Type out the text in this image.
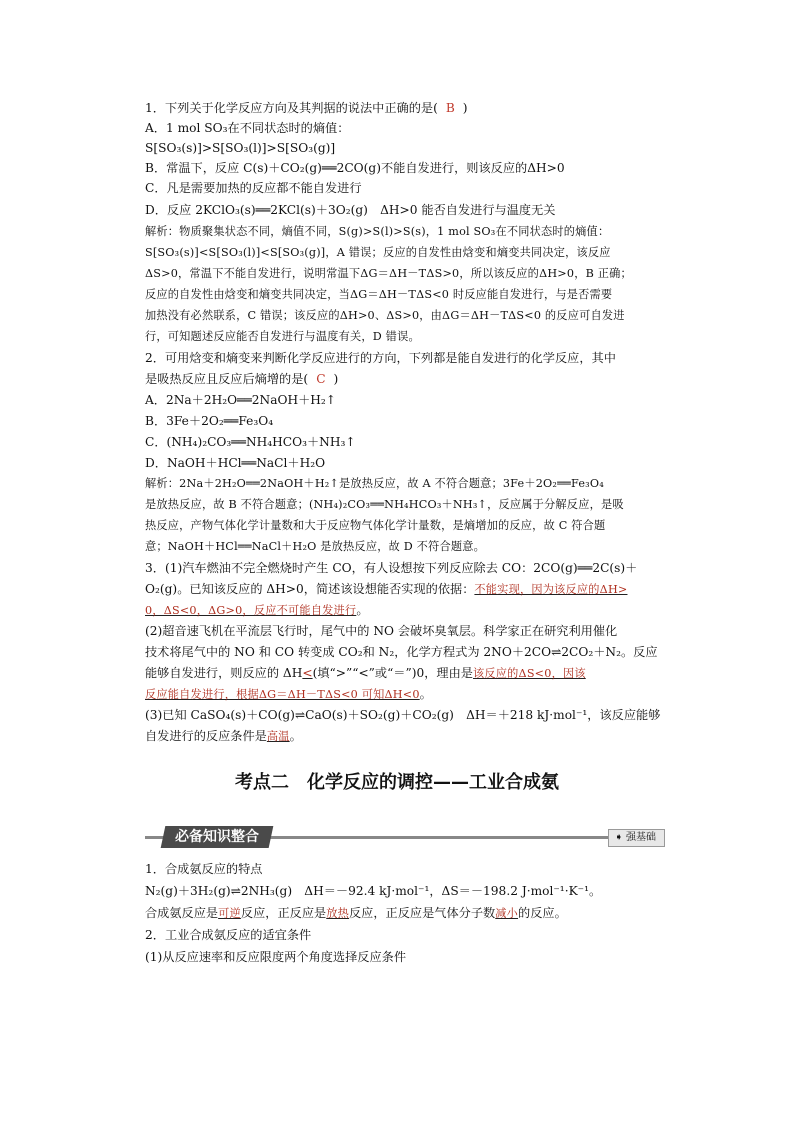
1．下列关于化学反应方向及其判据的说法中正确的是( B )
A．1 mol SO₃在不同状态时的熵值：
S[SO₃(s)]>S[SO₃(l)]>S[SO₃(g)]
B．常温下，反应 C(s)＋CO₂(g)══2CO(g)不能自发进行，则该反应的ΔH>0
C．凡是需要加热的反应都不能自发进行
D．反应 2KClO₃(s)══2KCl(s)＋3O₂(g)　ΔH>0 能否自发进行与温度无关
解析：物质聚集状态不同，熵值不同，S(g)>S(l)>S(s)，1 mol SO₃在不同状态时的熵值：
S[SO₃(s)]<S[SO₃(l)]<S[SO₃(g)]，A 错误；反应的自发性由焓变和熵变共同决定，该反应
ΔS>0，常温下不能自发进行，说明常温下ΔG＝ΔH－TΔS>0，所以该反应的ΔH>0，B 正确；
反应的自发性由焓变和熵变共同决定，当ΔG＝ΔH－TΔS<0 时反应能自发进行，与是否需要
加热没有必然联系，C 错误；该反应的ΔH>0、ΔS>0，由ΔG＝ΔH－TΔS<0 的反应可自发进
行，可知题述反应能否自发进行与温度有关，D 错误。
2．可用焓变和熵变来判断化学反应进行的方向，下列都是能自发进行的化学反应，其中
是吸热反应且反应后熵增的是( C )
A．2Na＋2H₂O══2NaOH＋H₂↑
B．3Fe＋2O₂══Fe₃O₄
C．(NH₄)₂CO₃══NH₄HCO₃＋NH₃↑
D．NaOH＋HCl══NaCl＋H₂O
解析：2Na＋2H₂O══2NaOH＋H₂↑是放热反应，故 A 不符合题意；3Fe＋2O₂══Fe₃O₄
是放热反应，故 B 不符合题意；(NH₄)₂CO₃══NH₄HCO₃＋NH₃↑，反应属于分解反应，是吸
热反应，产物气体化学计量数和大于反应物气体化学计量数，是熵增加的反应，故 C 符合题
意；NaOH＋HCl══NaCl＋H₂O 是放热反应，故 D 不符合题意。
3．(1)汽车燃油不完全燃烧时产生 CO，有人设想按下列反应除去 CO：2CO(g)══2C(s)＋
O₂(g)。已知该反应的 ΔH>0，简述该设想能否实现的依据：不能实现，因为该反应的ΔH>
0，ΔS<0，ΔG>0，反应不可能自发进行。
(2)超音速飞机在平流层飞行时，尾气中的 NO 会破坏臭氧层。科学家正在研究利用催化
技术将尾气中的 NO 和 CO 转变成 CO₂和 N₂，化学方程式为 2NO＋2CO⇌2CO₂＋N₂。反应
能够自发进行，则反应的 ΔH<(填“>”“<”或“＝”)0，理由是该反应的ΔS<0，因该
反应能自发进行，根据ΔG＝ΔH－TΔS<0 可知ΔH<0。
(3)已知 CaSO₄(s)＋CO(g)⇌CaO(s)＋SO₂(g)＋CO₂(g)　ΔH＝＋218 kJ·mol⁻¹，该反应能够
自发进行的反应条件是高温。
考点二　化学反应的调控——工业合成氨
必备知识整合	➧ 强基础
1．合成氨反应的特点
N₂(g)＋3H₂(g)⇌2NH₃(g)　ΔH＝－92.4 kJ·mol⁻¹，ΔS＝－198.2 J·mol⁻¹·K⁻¹。
合成氨反应是可逆反应，正反应是放热反应，正反应是气体分子数减小的反应。
2．工业合成氨反应的适宜条件
(1)从反应速率和反应限度两个角度选择反应条件
